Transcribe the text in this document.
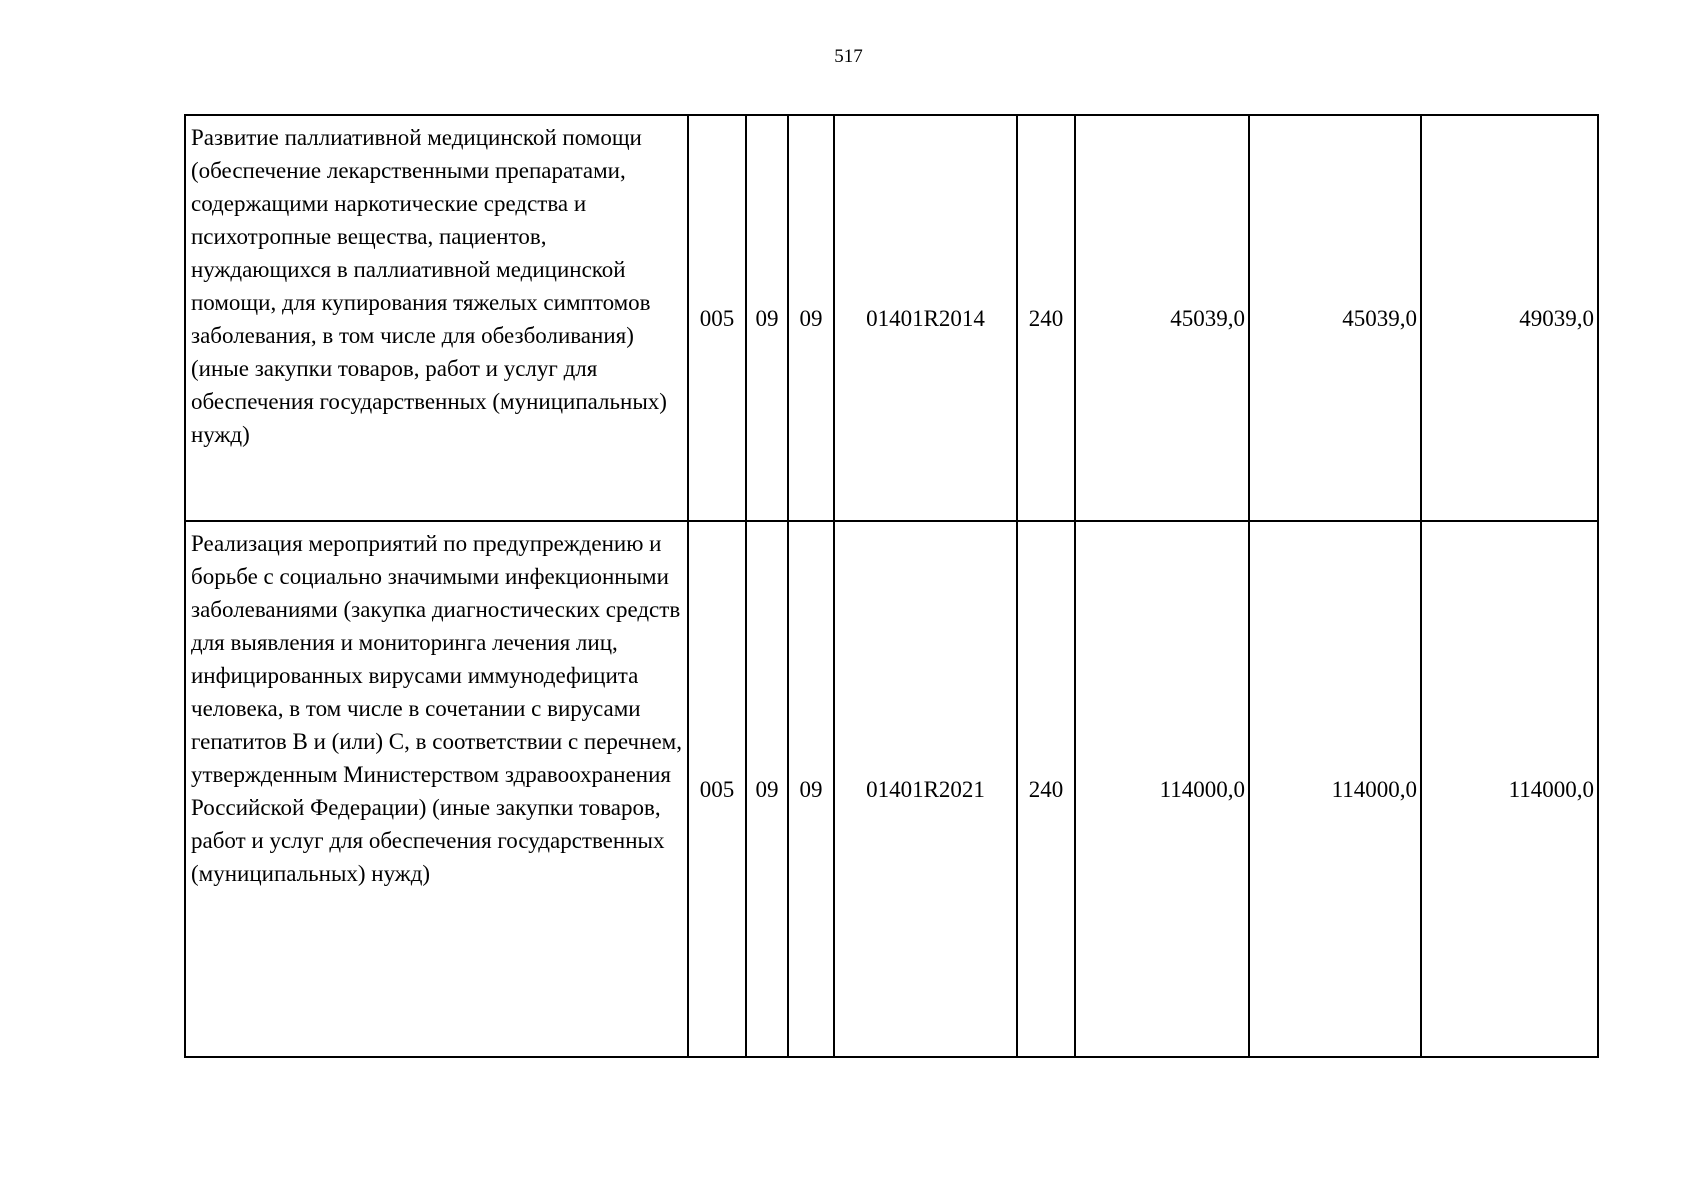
517
Развитие паллиативной медицинской помощи (обеспечение лекарственными препаратами, содержащими наркотические средства и психотропные вещества, пациентов, нуждающихся в паллиативной медицинской помощи, для купирования тяжелых симптомов заболевания, в том числе для обезболивания) (иные закупки товаров, работ и услуг для обеспечения государственных (муниципальных) нужд)	005	09	09	01401R2014	240	45039,0	45039,0	49039,0
Реализация мероприятий по предупреждению и борьбе с социально значимыми инфекционными заболеваниями (закупка диагностических средств для выявления и мониторинга лечения лиц, инфицированных вирусами иммунодефицита человека, в том числе в сочетании с вирусами гепатитов В и (или) С, в соответствии с перечнем, утвержденным Министерством здравоохранения Российской Федерации) (иные закупки товаров, работ и услуг для обеспечения государственных (муниципальных) нужд)	005	09	09	01401R2021	240	114000,0	114000,0	114000,0
